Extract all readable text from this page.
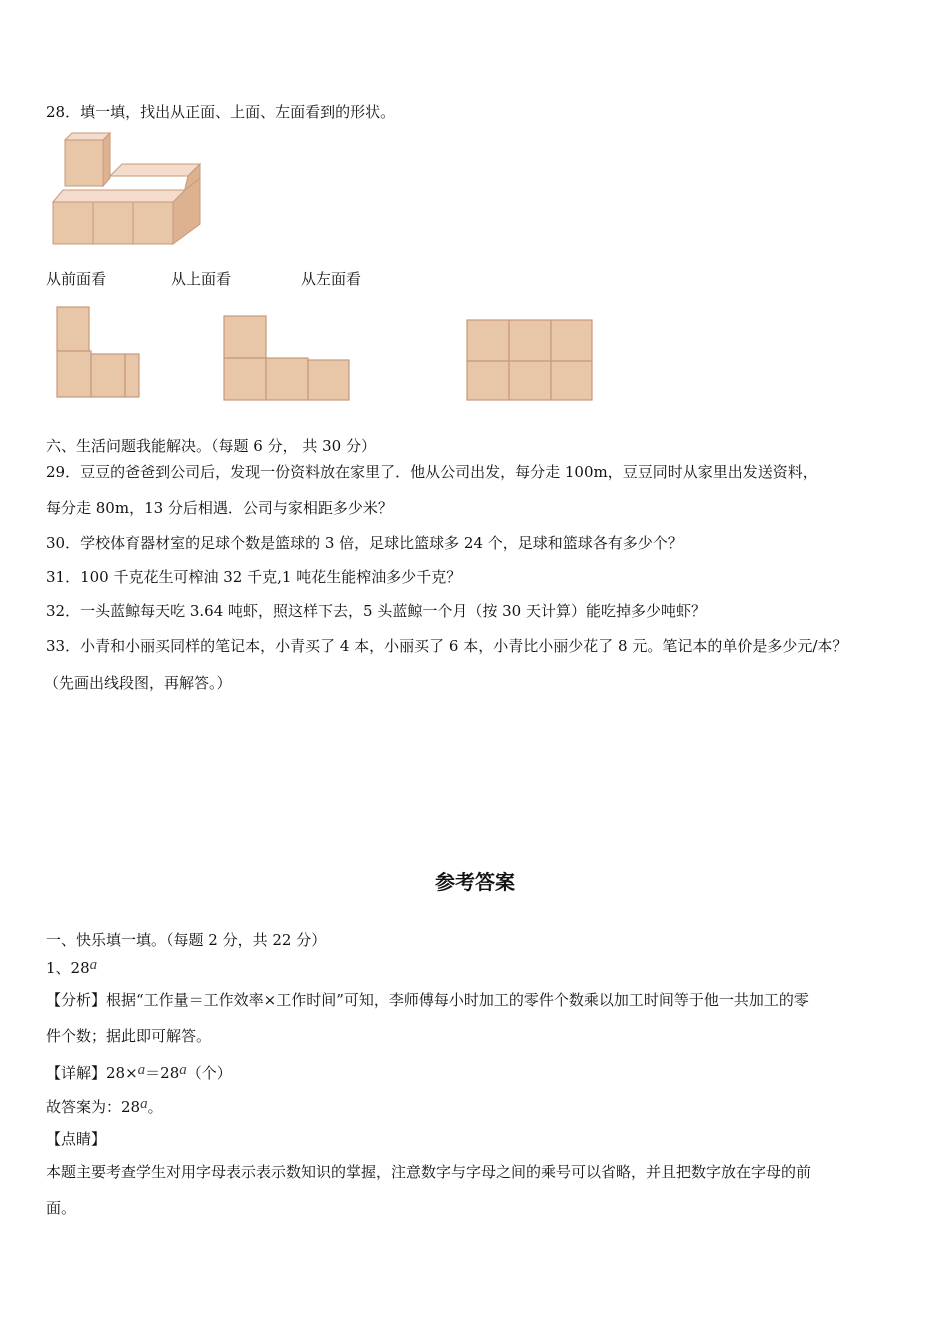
28．填一填，找出从正面、上面、左面看到的形状。
从前面看	从上面看	从左面看
六、生活问题我能解决。（每题 6 分， 共 30 分）
29．豆豆的爸爸到公司后，发现一份资料放在家里了．他从公司出发，每分走 100m，豆豆同时从家里出发送资料，
每分走 80m，13 分后相遇．公司与家相距多少米？
30．学校体育器材室的足球个数是篮球的 3 倍，足球比篮球多 24 个，足球和篮球各有多少个？
31．100 千克花生可榨油 32 千克,1 吨花生能榨油多少千克？
32．一头蓝鲸每天吃 3.64 吨虾，照这样下去，5 头蓝鲸一个月（按 30 天计算）能吃掉多少吨虾？
33．小青和小丽买同样的笔记本，小青买了 4 本，小丽买了 6 本，小青比小丽少花了 8 元。笔记本的单价是多少元/本？
（先画出线段图，再解答。）
参考答案
一、快乐填一填。（每题 2 分，共 22 分）
1、28a
【分析】根据“工作量＝工作效率×工作时间”可知，李师傅每小时加工的零件个数乘以加工时间等于他一共加工的零
件个数；据此即可解答。
【详解】28×a＝28a（个）
故答案为：28a。
【点睛】
本题主要考查学生对用字母表示表示数知识的掌握，注意数字与字母之间的乘号可以省略，并且把数字放在字母的前
面。
